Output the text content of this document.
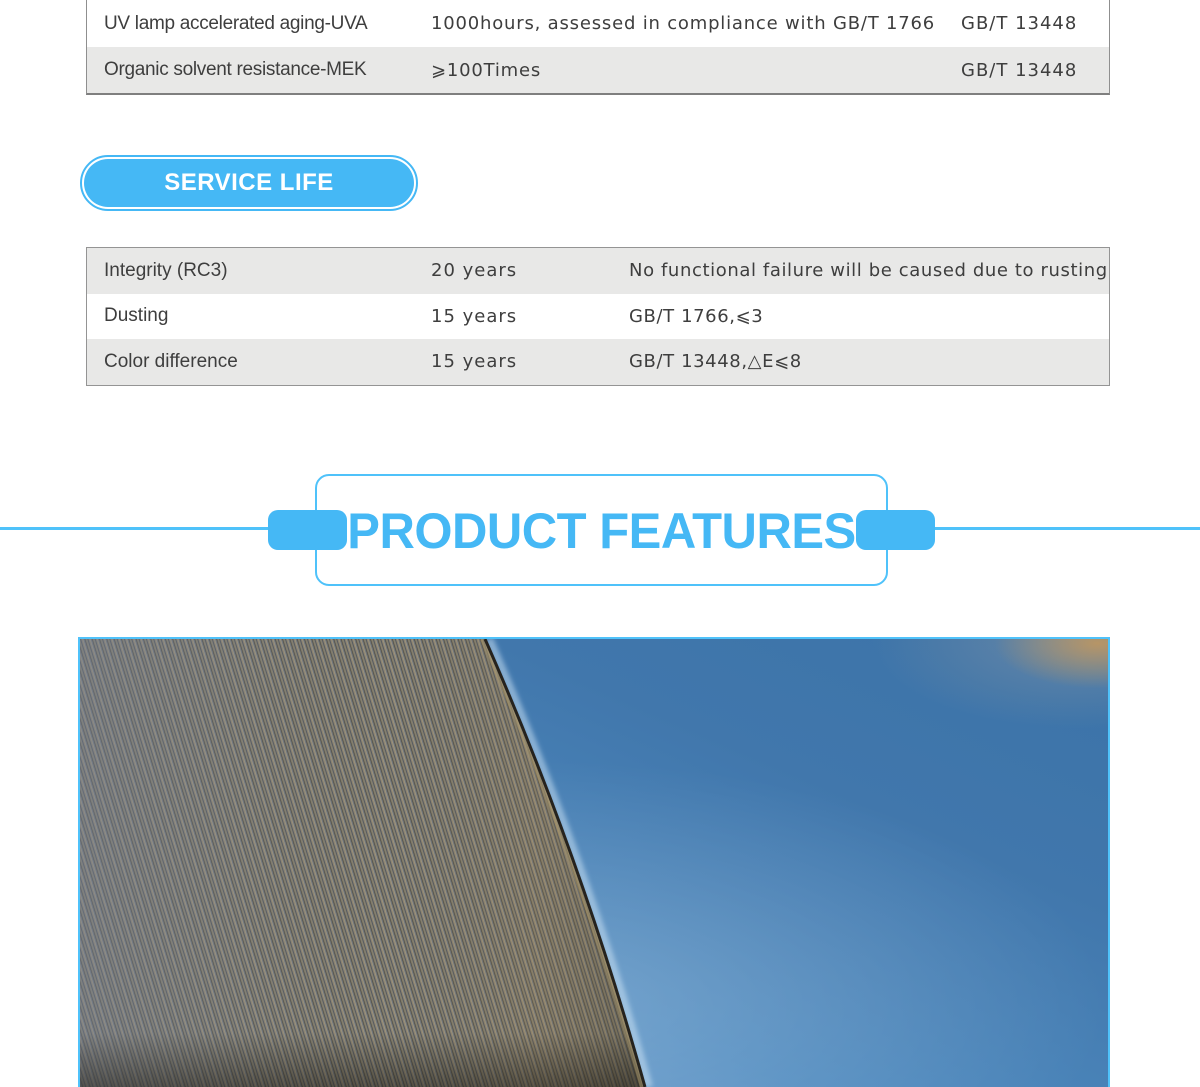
UV lamp accelerated aging-UVA	1000hours, assessed in compliance with GB/T 1766	GB/T 13448
Organic solvent resistance-MEK	⩾100Times	GB/T 13448
SERVICE LIFE
Integrity (RC3)	20 years	No functional failure will be caused due to rusting
Dusting	15 years	GB/T 1766,⩽3
Color difference	15 years	GB/T 13448,△E⩽8
PRODUCT FEATURES
